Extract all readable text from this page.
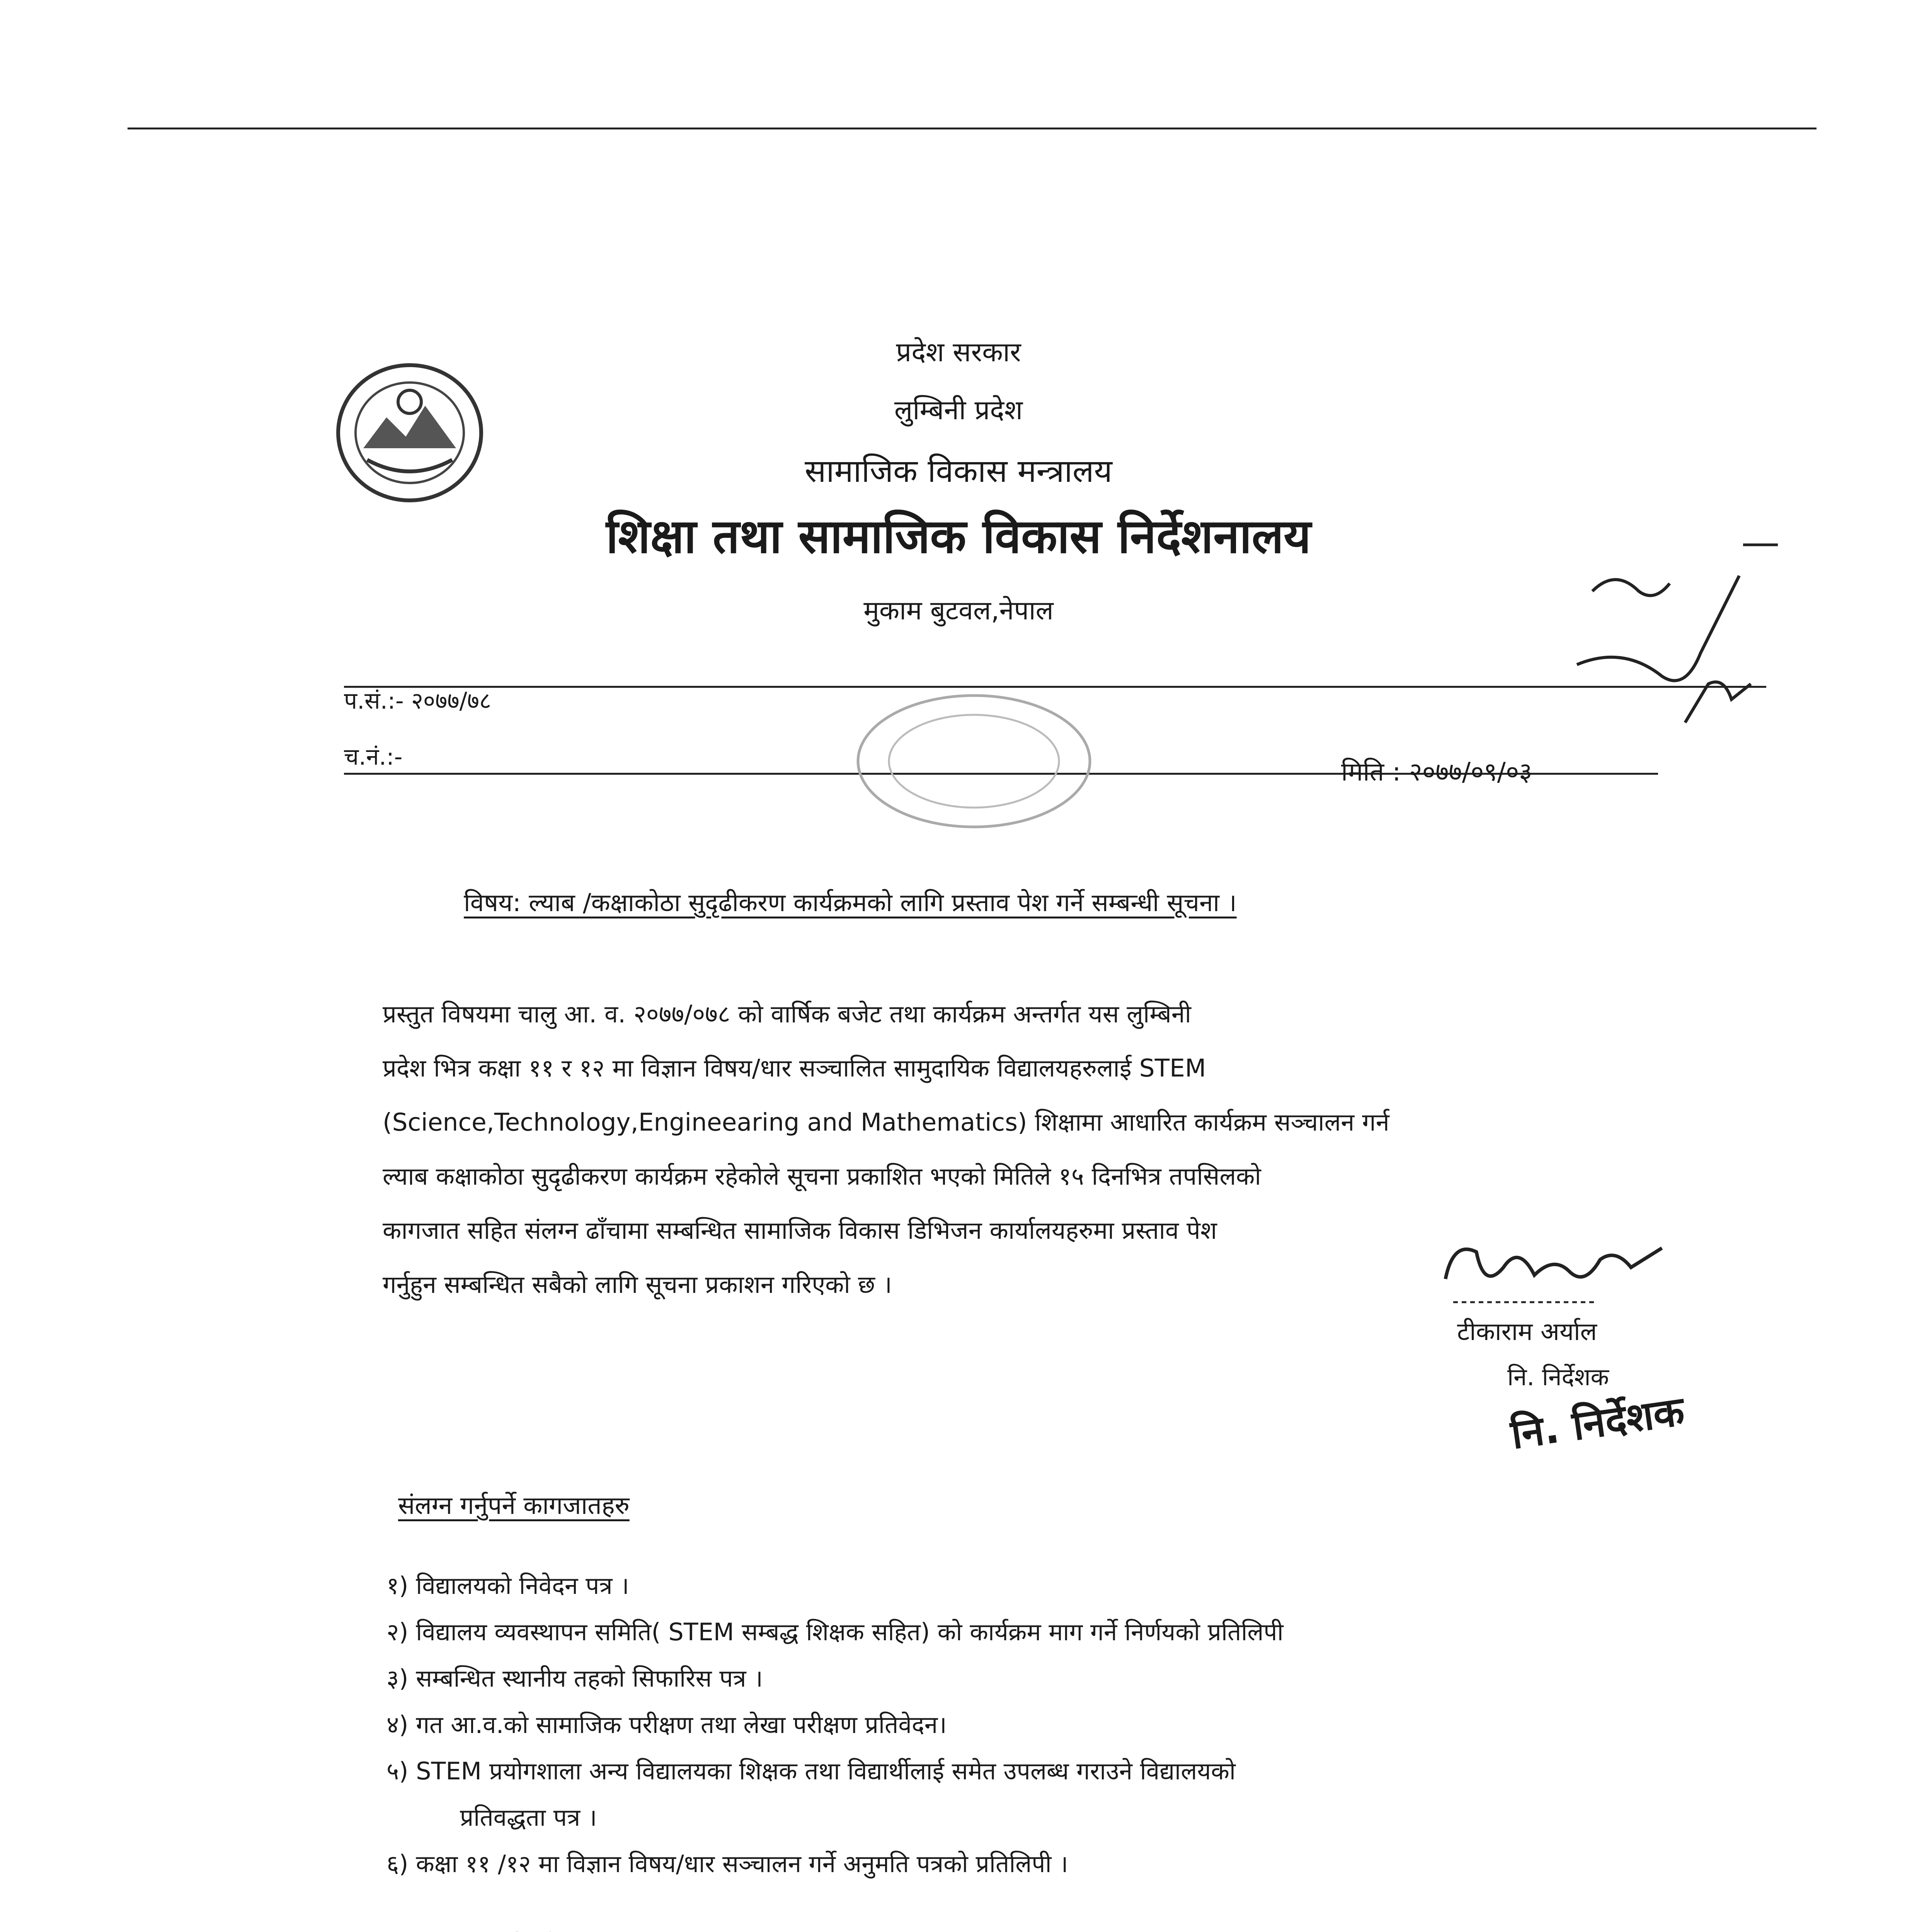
प्रदेश सरकार
लुम्बिनी प्रदेश
सामाजिक विकास मन्त्रालय
शिक्षा तथा सामाजिक विकास निर्देशनालय
मुकाम बुटवल,नेपाल
प.सं.:- २०७७/७८
च.नं.:-	मिति : २०७७/०९/०३
विषय: ल्याब /कक्षाकोठा सुदृढीकरण कार्यक्रमको लागि प्रस्ताव पेश गर्ने सम्बन्धी सूचना ।
प्रस्तुत विषयमा चालु आ. व. २०७७/०७८ को वार्षिक बजेट तथा कार्यक्रम अन्तर्गत यस लुम्बिनी
प्रदेश भित्र कक्षा ११ र १२ मा विज्ञान विषय/धार सञ्चालित सामुदायिक विद्यालयहरुलाई STEM
(Science,Technology,Engineearing and Mathematics) शिक्षामा आधारित कार्यक्रम सञ्चालन गर्न
ल्याब कक्षाकोठा सुदृढीकरण कार्यक्रम रहेकोले सूचना प्रकाशित भएको मितिले १५ दिनभित्र तपसिलको
कागजात सहित संलग्न ढाँचामा सम्बन्धित सामाजिक विकास डिभिजन कार्यालयहरुमा प्रस्ताव पेश
गर्नुहुन सम्बन्धित सबैको लागि सूचना प्रकाशन गरिएको छ ।
टीकाराम अर्याल
नि. निर्देशक
नि. निर्देशक
संलग्न गर्नुपर्ने कागजातहरु
१) विद्यालयको निवेदन पत्र ।
२) विद्यालय व्यवस्थापन समिति( STEM सम्बद्ध शिक्षक सहित) को कार्यक्रम माग गर्ने निर्णयको प्रतिलिपी
३) सम्बन्धित स्थानीय तहको सिफारिस पत्र ।
४) गत आ.व.को सामाजिक परीक्षण तथा लेखा परीक्षण प्रतिवेदन।
५) STEM प्रयोगशाला अन्य विद्यालयका शिक्षक तथा विद्यार्थीलाई समेत उपलब्ध गराउने विद्यालयको
प्रतिवद्धता पत्र ।
६) कक्षा ११ /१२ मा विज्ञान विषय/धार सञ्चालन गर्ने अनुमति पत्रको प्रतिलिपी ।
